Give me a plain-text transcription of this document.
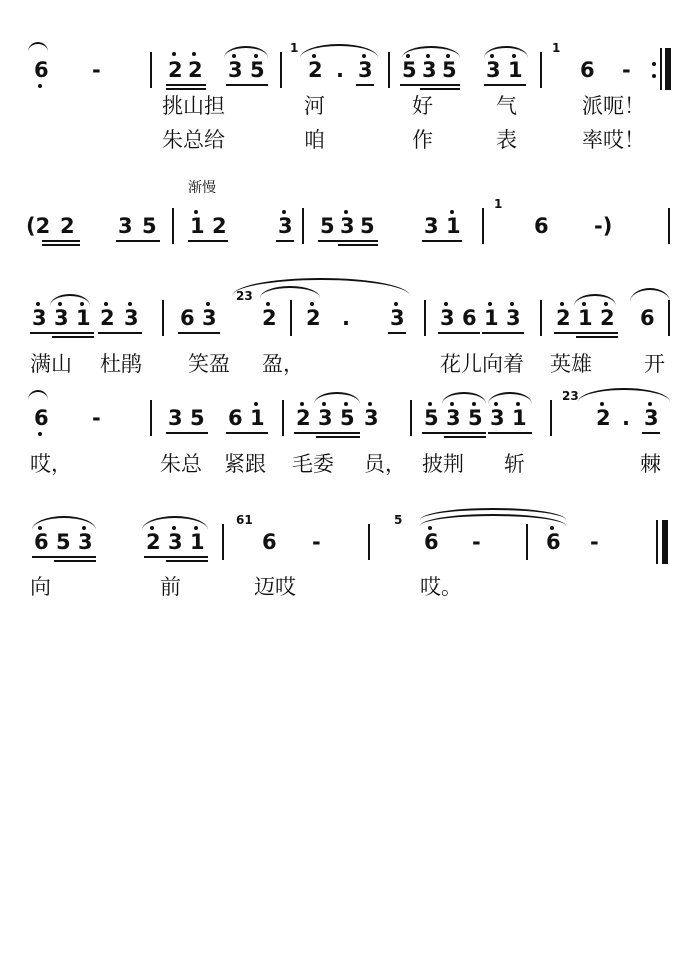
6 -	2 2 3 5
1
2 . 3 5 3 5 3 1
1
6 -
挑山担	河	好	气	派呃！
朱总给	咱	作	表	率哎！
渐慢
(2 2 3 5 1 2 3 5 3 5 3 1
1
6 -)
3 3 1 2 3 6 3
23
2 2 . 3 3 6 1 3 2 1 2 6
满山 杜鹃 笑盈 盈，	花儿向着 英雄 开
6 -	3 5 6 1 2 3 5 3 5 3 5 3 1
23
2 . 3
哎，	朱总 紧跟 毛委 员， 披荆 斩	棘
6 5 3	2 3 1
61
6 -
5
6 -	6 -
向	前	迈哎	哎。
